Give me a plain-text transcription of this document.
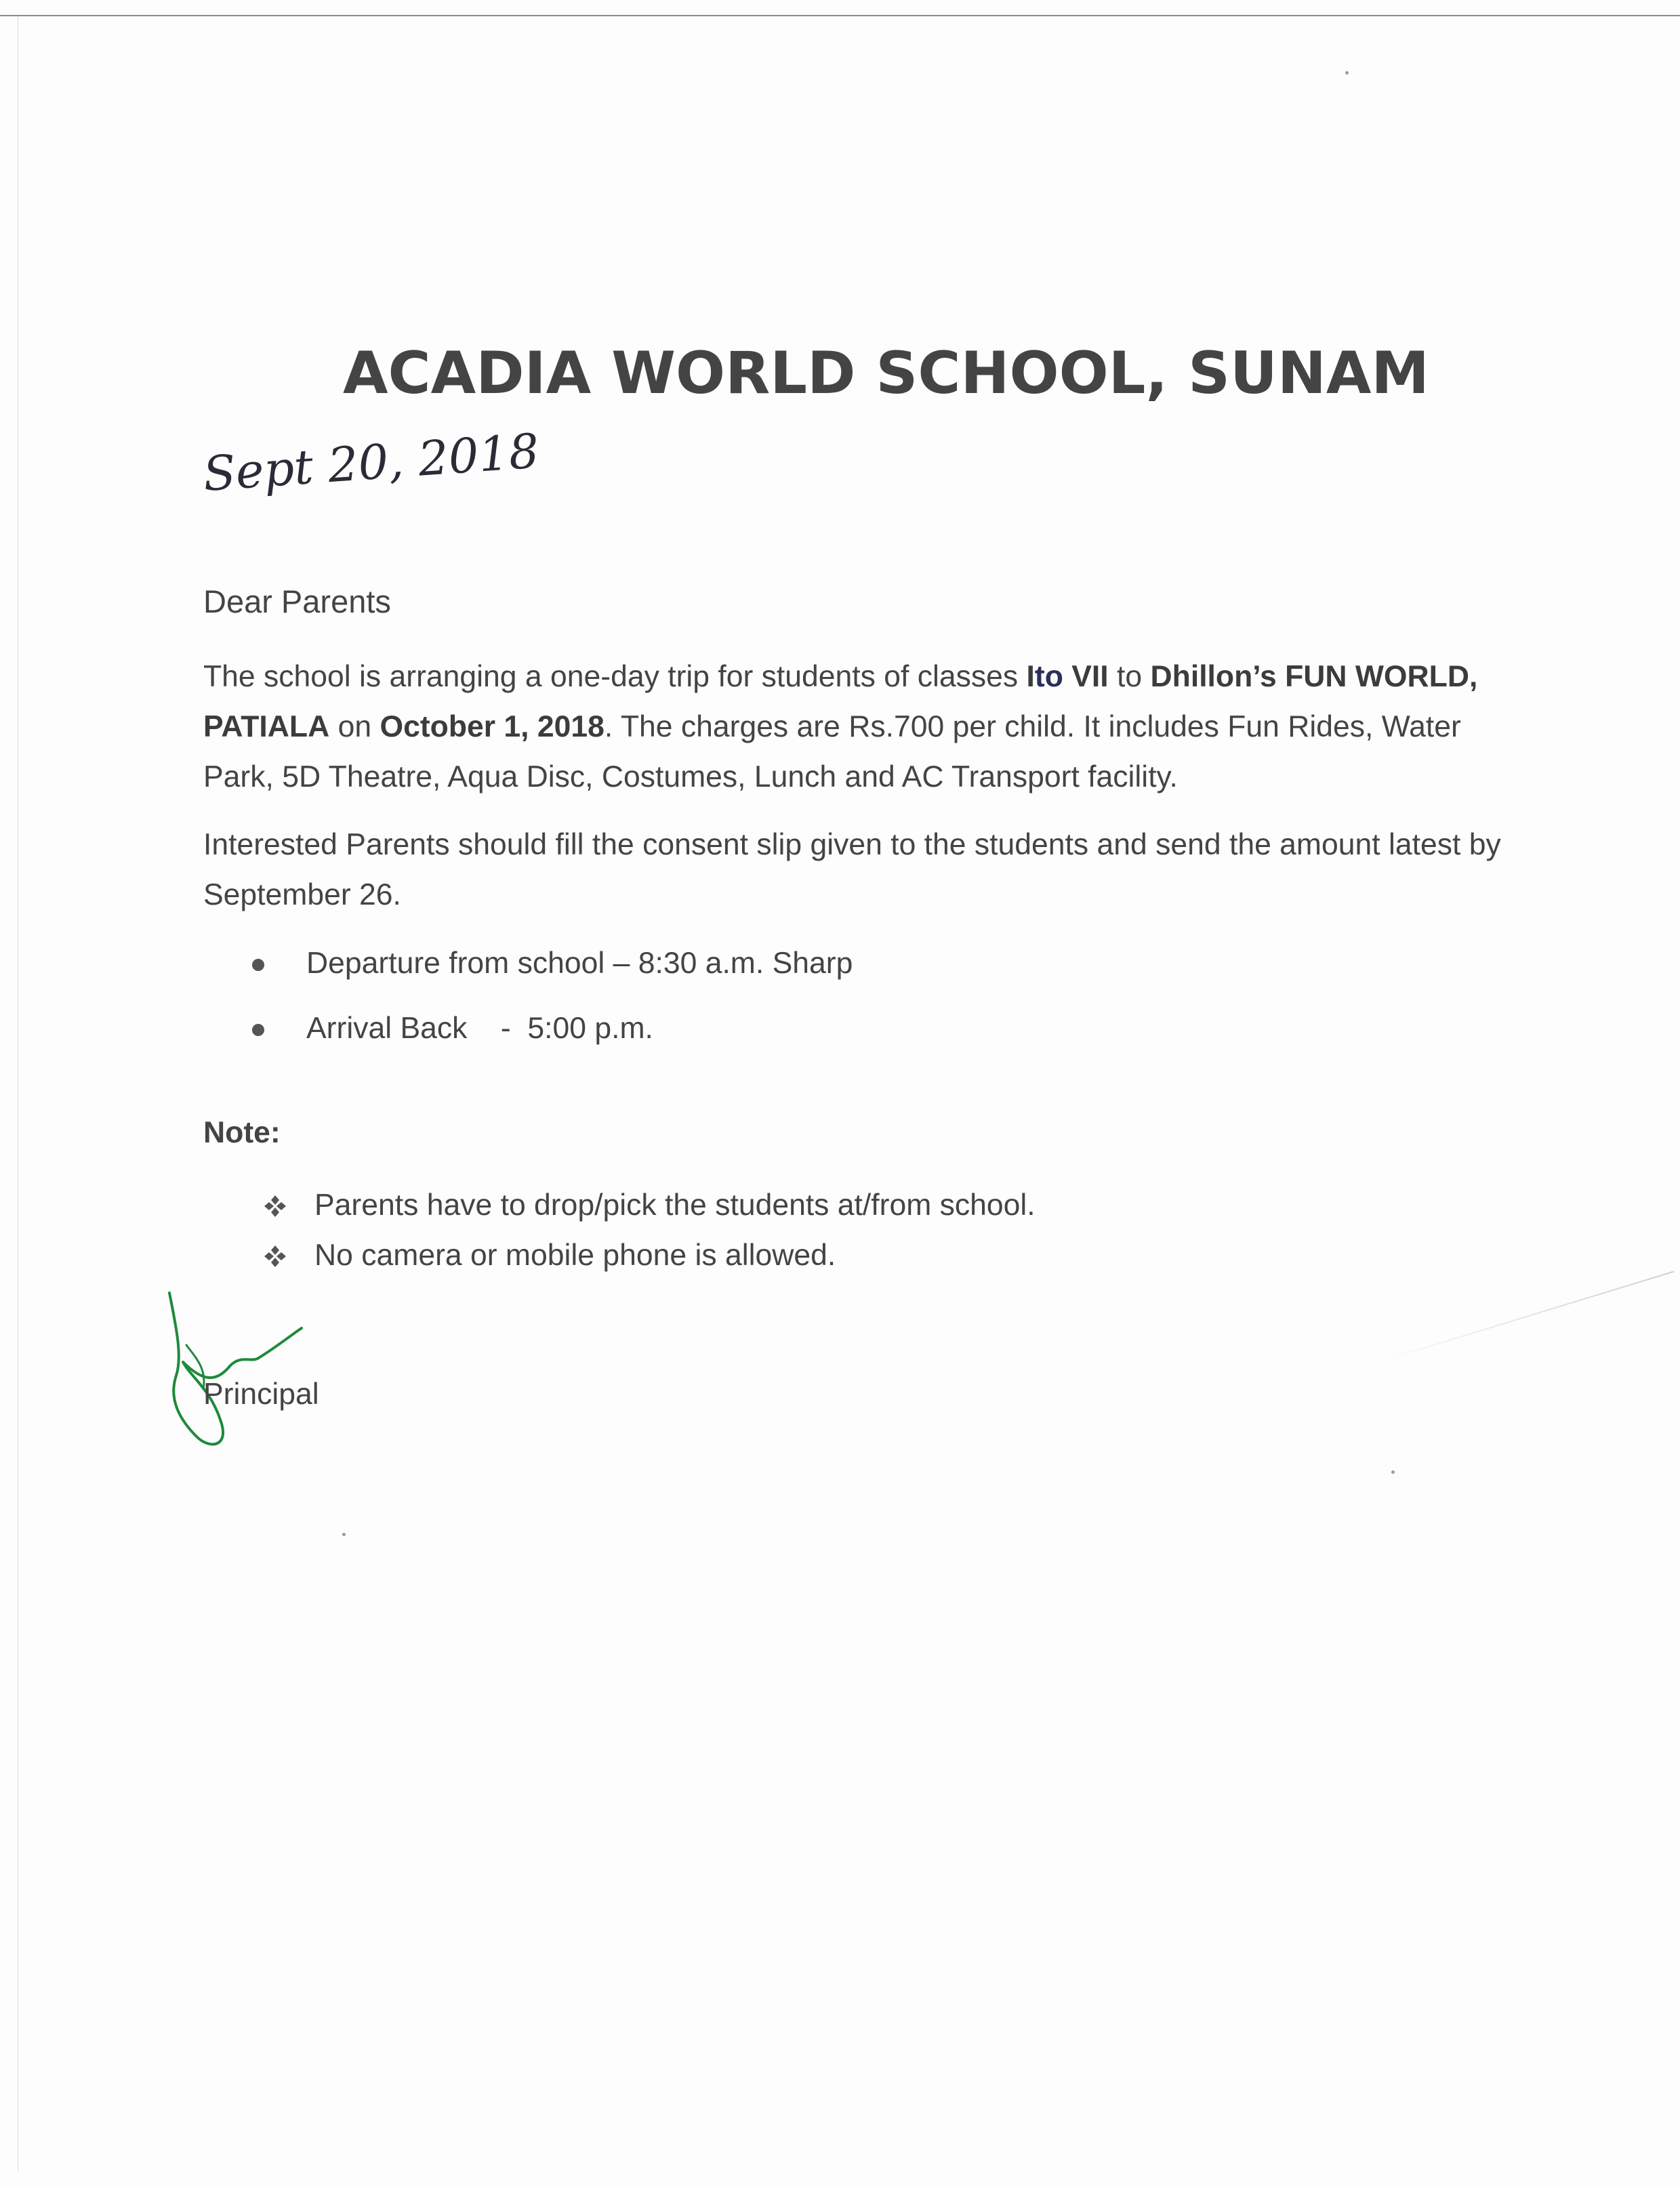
ACADIA WORLD SCHOOL, SUNAM
Sept 20, 2018
Dear Parents

The school is arranging a one-day trip for students of classes Ito VII to Dhillon’s FUN WORLD, PATIALA on October 1, 2018. The charges are Rs.700 per child. It includes Fun Rides, Water Park, 5D Theatre, Aqua Disc, Costumes, Lunch and AC Transport facility.

Interested Parents should fill the consent slip given to the students and send the amount latest by September 26.

Departure from school – 8:30 a.m. Sharp
Arrival Back    -  5:00 p.m.
Note:
Parents have to drop/pick the students at/from school.
No camera or mobile phone is allowed.
Principal
